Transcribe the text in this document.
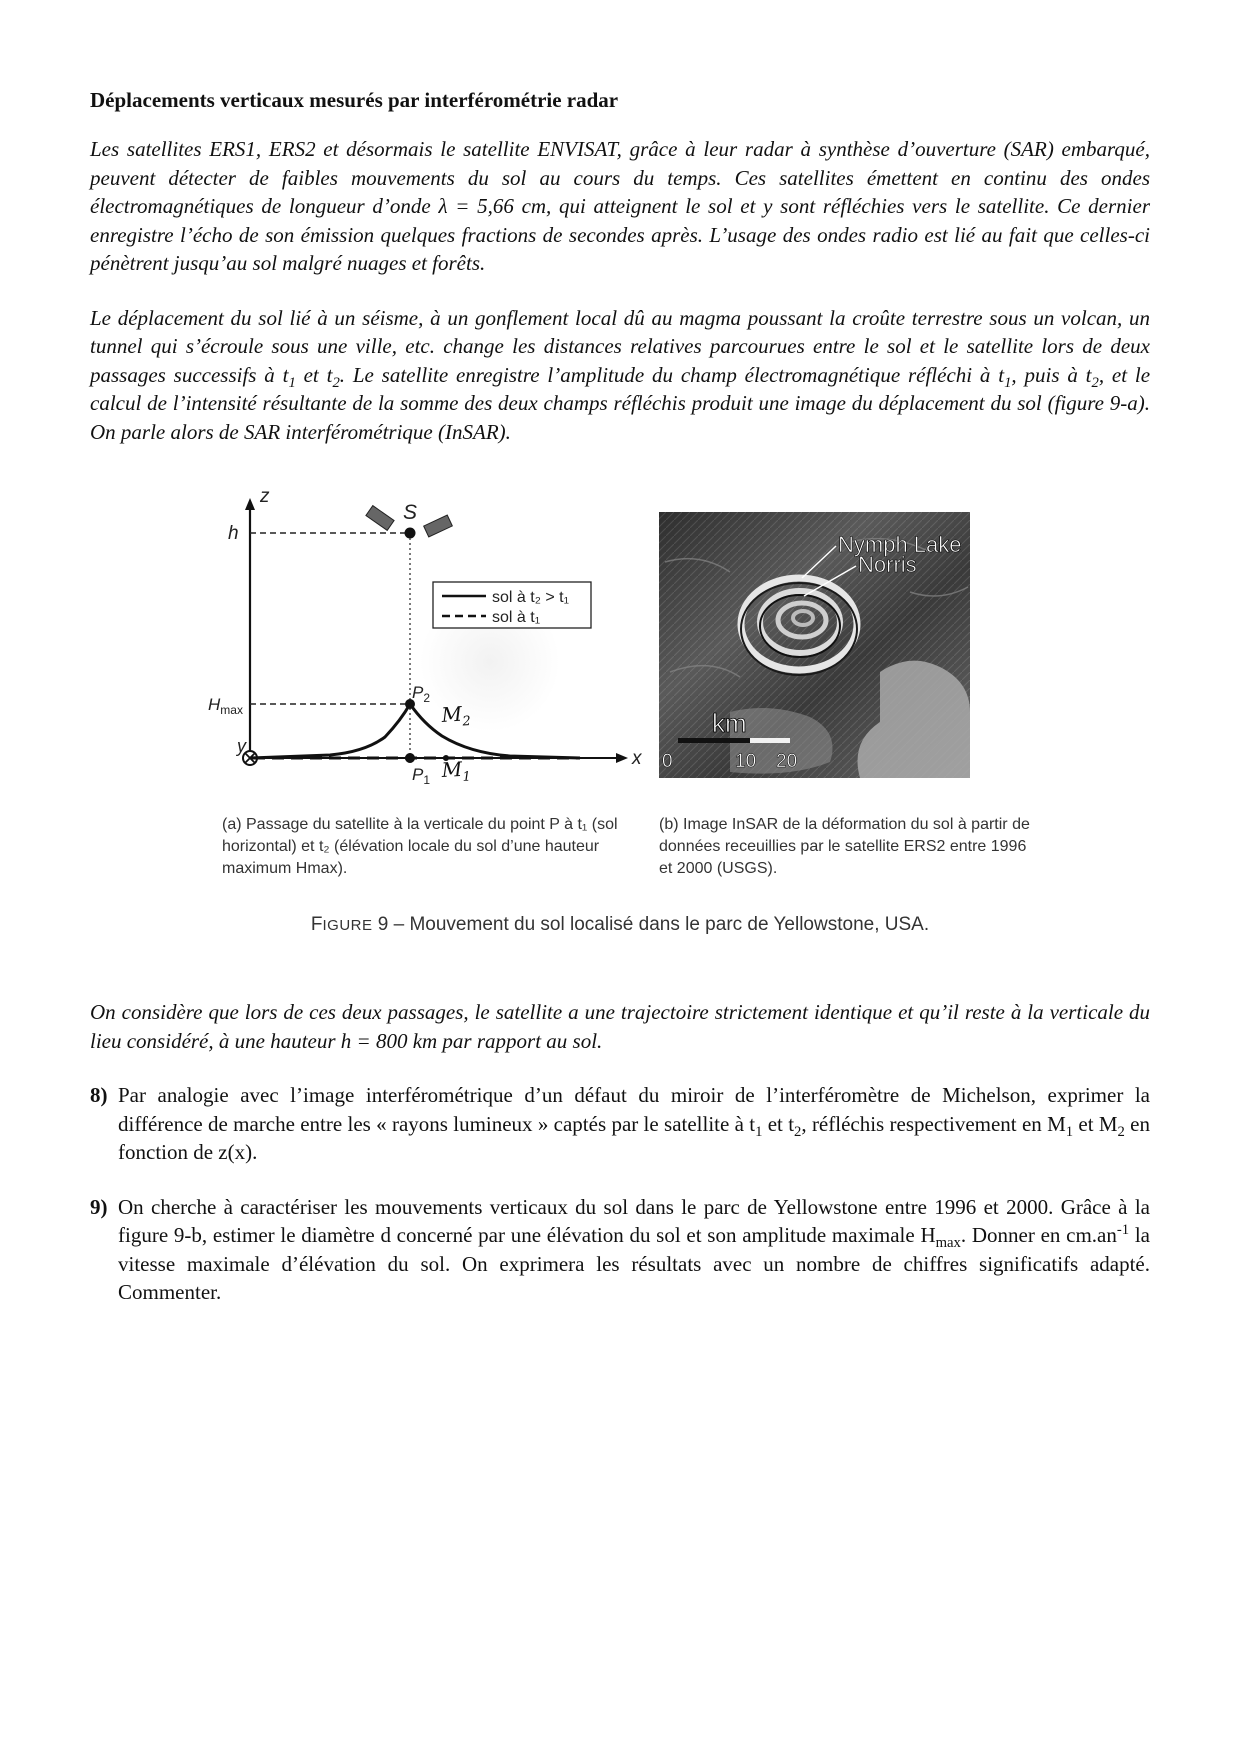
Déplacements verticaux mesurés par interférométrie radar

Les satellites ERS1, ERS2 et désormais le satellite ENVISAT, grâce à leur radar à synthèse d’ouverture (SAR) embarqué, peuvent détecter de faibles mouvements du sol au cours du temps. Ces satellites émettent en continu des ondes électromagnétiques de longueur d’onde λ = 5,66 cm, qui atteignent le sol et y sont réfléchies vers le satellite. Ce dernier enregistre l’écho de son émission quelques fractions de secondes après. L’usage des ondes radio est lié au fait que celles-ci pénètrent jusqu’au sol malgré nuages et forêts.

Le déplacement du sol lié à un séisme, à un gonflement local dû au magma poussant la croûte terrestre sous un volcan, un tunnel qui s’écroule sous une ville, etc. change les distances relatives parcourues entre le sol et le satellite lors de deux passages successifs à $t_1$ et $t_2$. Le satellite enregistre l’amplitude du champ électromagnétique réfléchi à $t_1$, puis à $t_2$, et le calcul de l’intensité résultante de la somme des deux champs réfléchis produit une image du déplacement du sol (figure 9-a). On parle alors de SAR interférométrique (InSAR).

z
x
y
h
S
sol à t₂ > t₁
sol à t₁
$H_{max}$
$P_2$
$P_1$
$M_2$
$M_1$
Nymph Lake
Norris
km
0	10 20
(a) Passage du satellite à la verticale du point P à t₁ (sol horizontal) et t₂ (élévation locale du sol d’une hauteur maximum Hmax).
(b) Image InSAR de la déformation du sol à partir de données receuillies par le satellite ERS2 entre 1996 et 2000 (USGS).
FIGURE 9 – Mouvement du sol localisé dans le parc de Yellowstone, USA.

On considère que lors de ces deux passages, le satellite a une trajectoire strictement identique et qu’il reste à la verticale du lieu considéré, à une hauteur h = 800 km par rapport au sol.

8) Par analogie avec l’image interférométrique d’un défaut du miroir de l’interféromètre de Michelson, exprimer la différence de marche entre les « rayons lumineux » captés par le satellite à $t_1$ et $t_2$, réfléchis respectivement en $M_1$ et $M_2$ en fonction de z(x).
9) On cherche à caractériser les mouvements verticaux du sol dans le parc de Yellowstone entre 1996 et 2000. Grâce à la figure 9-b, estimer le diamètre d concerné par une élévation du sol et son amplitude maximale $H_{max}$. Donner en $cm.an^{-1}$ la vitesse maximale d’élévation du sol. On exprimera les résultats avec un nombre de chiffres significatifs adapté. Commenter.
